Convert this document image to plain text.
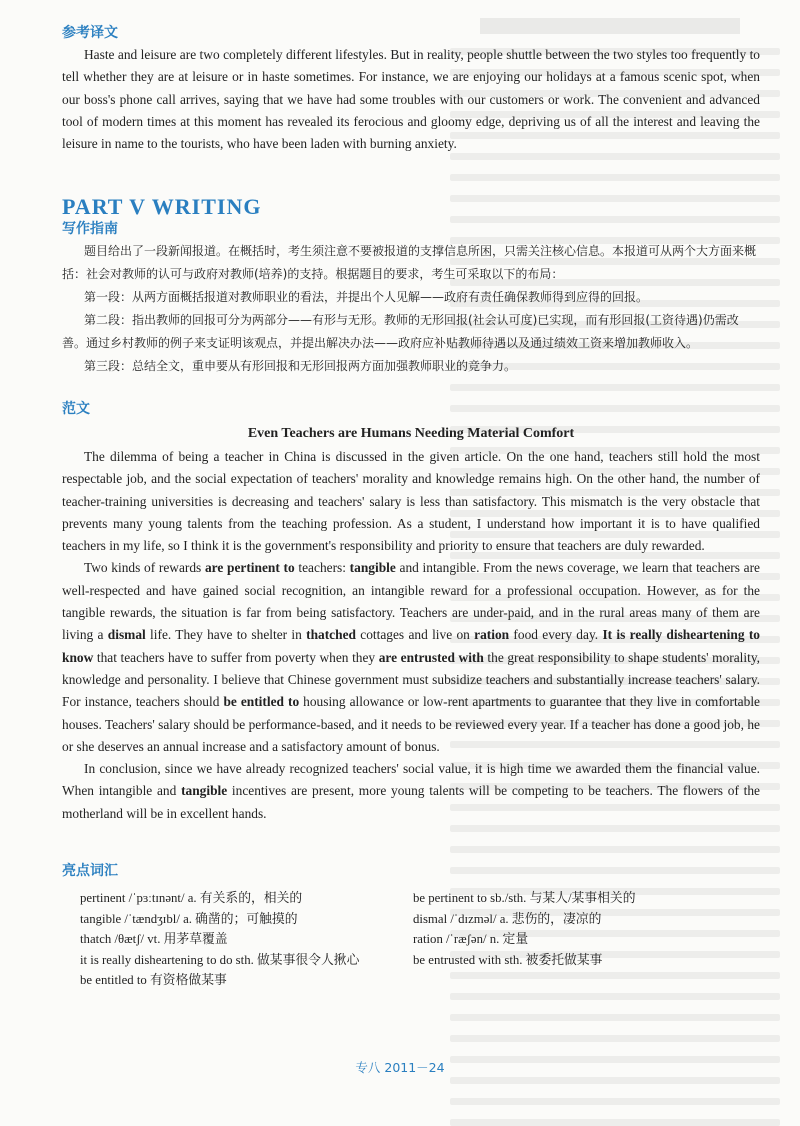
参考译文

Haste and leisure are two completely different lifestyles. But in reality, people shuttle between the two styles too frequently to tell whether they are at leisure or in haste sometimes. For instance, we are enjoying our holidays at a famous scenic spot, when our boss's phone call arrives, saying that we have had some troubles with our customers or work. The convenient and advanced tool of modern times at this moment has revealed its ferocious and gloomy edge, depriving us of all the interest and leaving the leisure in name to the tourists, who have been laden with burning anxiety.

PART V WRITING
写作指南

题目给出了一段新闻报道。在概括时，考生须注意不要被报道的支撑信息所困，只需关注核心信息。本报道可从两个大方面来概括：社会对教师的认可与政府对教师(培养)的支持。根据题目的要求，考生可采取以下的布局：

第一段：从两方面概括报道对教师职业的看法，并提出个人见解——政府有责任确保教师得到应得的回报。

第二段：指出教师的回报可分为两部分——有形与无形。教师的无形回报(社会认可度)已实现，而有形回报(工资待遇)仍需改善。通过乡村教师的例子来支证明该观点，并提出解决办法——政府应补贴教师待遇以及通过绩效工资来增加教师收入。

第三段：总结全文，重申要从有形回报和无形回报两方面加强教师职业的竞争力。

范文
Even Teachers are Humans Needing Material Comfort

The dilemma of being a teacher in China is discussed in the given article. On the one hand, teachers still hold the most respectable job, and the social expectation of teachers' morality and knowledge remains high. On the other hand, the number of teacher-training universities is decreasing and teachers' salary is less than satisfactory. This mismatch is the very obstacle that prevents many young talents from the teaching profession. As a student, I understand how important it is to have qualified teachers in my life, so I think it is the government's responsibility and priority to ensure that teachers are duly rewarded.

Two kinds of rewards are pertinent to teachers: tangible and intangible. From the news coverage, we learn that teachers are well-respected and have gained social recognition, an intangible reward for a professional occupation. However, as for the tangible rewards, the situation is far from being satisfactory. Teachers are under-paid, and in the rural areas many of them are living a dismal life. They have to shelter in thatched cottages and live on ration food every day. It is really disheartening to know that teachers have to suffer from poverty when they are entrusted with the great responsibility to shape students' morality, knowledge and personality. I believe that Chinese government must subsidize teachers and substantially increase teachers' salary. For instance, teachers should be entitled to housing allowance or low-rent apartments to guarantee that they live in comfortable houses. Teachers' salary should be performance-based, and it needs to be reviewed every year. If a teacher has done a good job, he or she deserves an annual increase and a satisfactory amount of bonus.

In conclusion, since we have already recognized teachers' social value, it is high time we awarded them the financial value. When intangible and tangible incentives are present, more young talents will be competing to be teachers. The flowers of the motherland will be in excellent hands.

亮点词汇
pertinent /ˈpɜːtɪnənt/ a. 有关系的，相关的
tangible /ˈtændʒɪbl/ a. 确凿的；可触摸的
thatch /θætʃ/ vt. 用茅草覆盖
it is really disheartening to do sth. 做某事很令人揪心
be entitled to 有资格做某事
be pertinent to sb./sth. 与某人/某事相关的
dismal /ˈdɪzməl/ a. 悲伤的，凄凉的
ration /ˈræʃən/ n. 定量
be entrusted with sth. 被委托做某事
专八 2011－24
